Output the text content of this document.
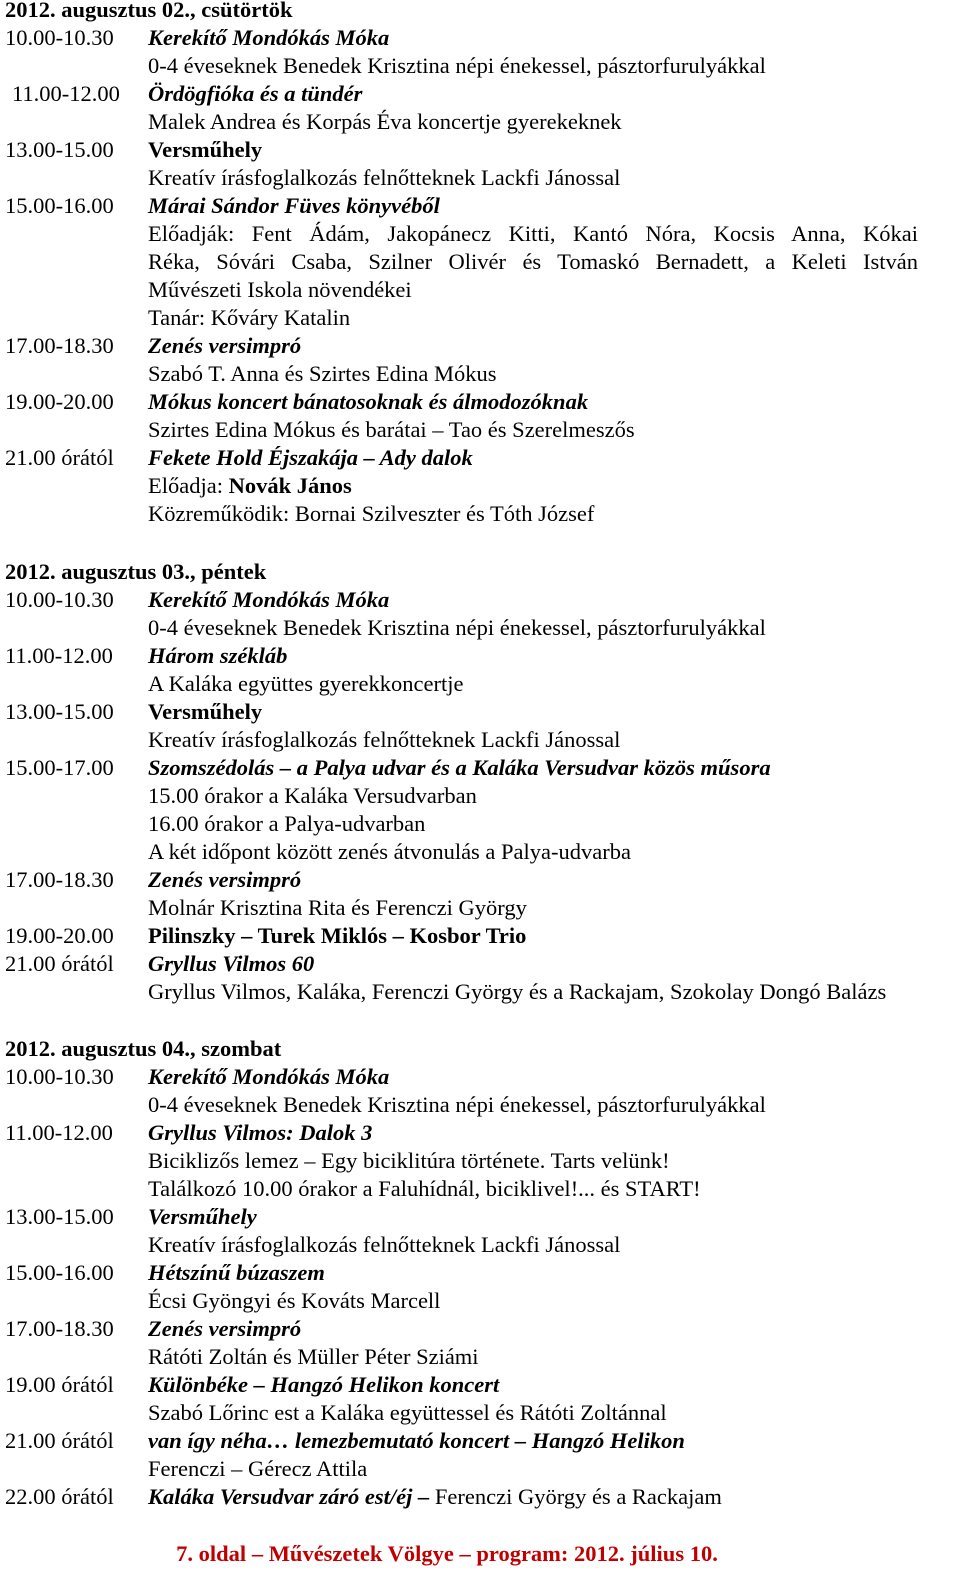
2012. augusztus 02., csütörtök
10.00-10.30 Kerekítő Mondókás Móka
0-4 éveseknek Benedek Krisztina népi énekessel, pásztorfurulyákkal
11.00-12.00 Ördögfióka és a tündér
Malek Andrea és Korpás Éva koncertje gyerekeknek
13.00-15.00 Versműhely
Kreatív írásfoglalkozás felnőtteknek Lackfi Jánossal
15.00-16.00 Márai Sándor Füves könyvéből
Előadják: Fent Ádám, Jakopánecz Kitti, Kantó Nóra, Kocsis Anna, Kókai
Réka, Sóvári Csaba, Szilner Olivér és Tomaskó Bernadett, a Keleti István
Művészeti Iskola növendékei
Tanár: Kőváry Katalin
17.00-18.30 Zenés versimpró
Szabó T. Anna és Szirtes Edina Mókus
19.00-20.00 Mókus koncert bánatosoknak és álmodozóknak
Szirtes Edina Mókus és barátai – Tao és Szerelmeszős
21.00 órától Fekete Hold Éjszakája – Ady dalok
Előadja: Novák János
Közreműködik: Bornai Szilveszter és Tóth József
2012. augusztus 03., péntek
10.00-10.30 Kerekítő Mondókás Móka
0-4 éveseknek Benedek Krisztina népi énekessel, pásztorfurulyákkal
11.00-12.00 Három székláb
A Kaláka együttes gyerekkoncertje
13.00-15.00 Versműhely
Kreatív írásfoglalkozás felnőtteknek Lackfi Jánossal
15.00-17.00 Szomszédolás – a Palya udvar és a Kaláka Versudvar közös műsora
15.00 órakor a Kaláka Versudvarban
16.00 órakor a Palya-udvarban
A két időpont között zenés átvonulás a Palya-udvarba
17.00-18.30 Zenés versimpró
Molnár Krisztina Rita és Ferenczi György
19.00-20.00 Pilinszky – Turek Miklós – Kosbor Trio
21.00 órától Gryllus Vilmos 60
Gryllus Vilmos, Kaláka, Ferenczi György és a Rackajam, Szokolay Dongó Balázs
2012. augusztus 04., szombat
10.00-10.30 Kerekítő Mondókás Móka
0-4 éveseknek Benedek Krisztina népi énekessel, pásztorfurulyákkal
11.00-12.00 Gryllus Vilmos: Dalok 3
Biciklizős lemez – Egy biciklitúra története. Tarts velünk!
Találkozó 10.00 órakor a Faluhídnál, biciklivel!... és START!
13.00-15.00 Versműhely
Kreatív írásfoglalkozás felnőtteknek Lackfi Jánossal
15.00-16.00 Hétszínű búzaszem
Écsi Gyöngyi és Kováts Marcell
17.00-18.30 Zenés versimpró
Rátóti Zoltán és Müller Péter Sziámi
19.00 órától Különbéke – Hangzó Helikon koncert
Szabó Lőrinc est a Kaláka együttessel és Rátóti Zoltánnal
21.00 órától van így néha… lemezbemutató koncert – Hangzó Helikon
Ferenczi – Gérecz Attila
22.00 órától Kaláka Versudvar záró est/éj – Ferenczi György és a Rackajam
7. oldal – Művészetek Völgye – program: 2012. július 10.
